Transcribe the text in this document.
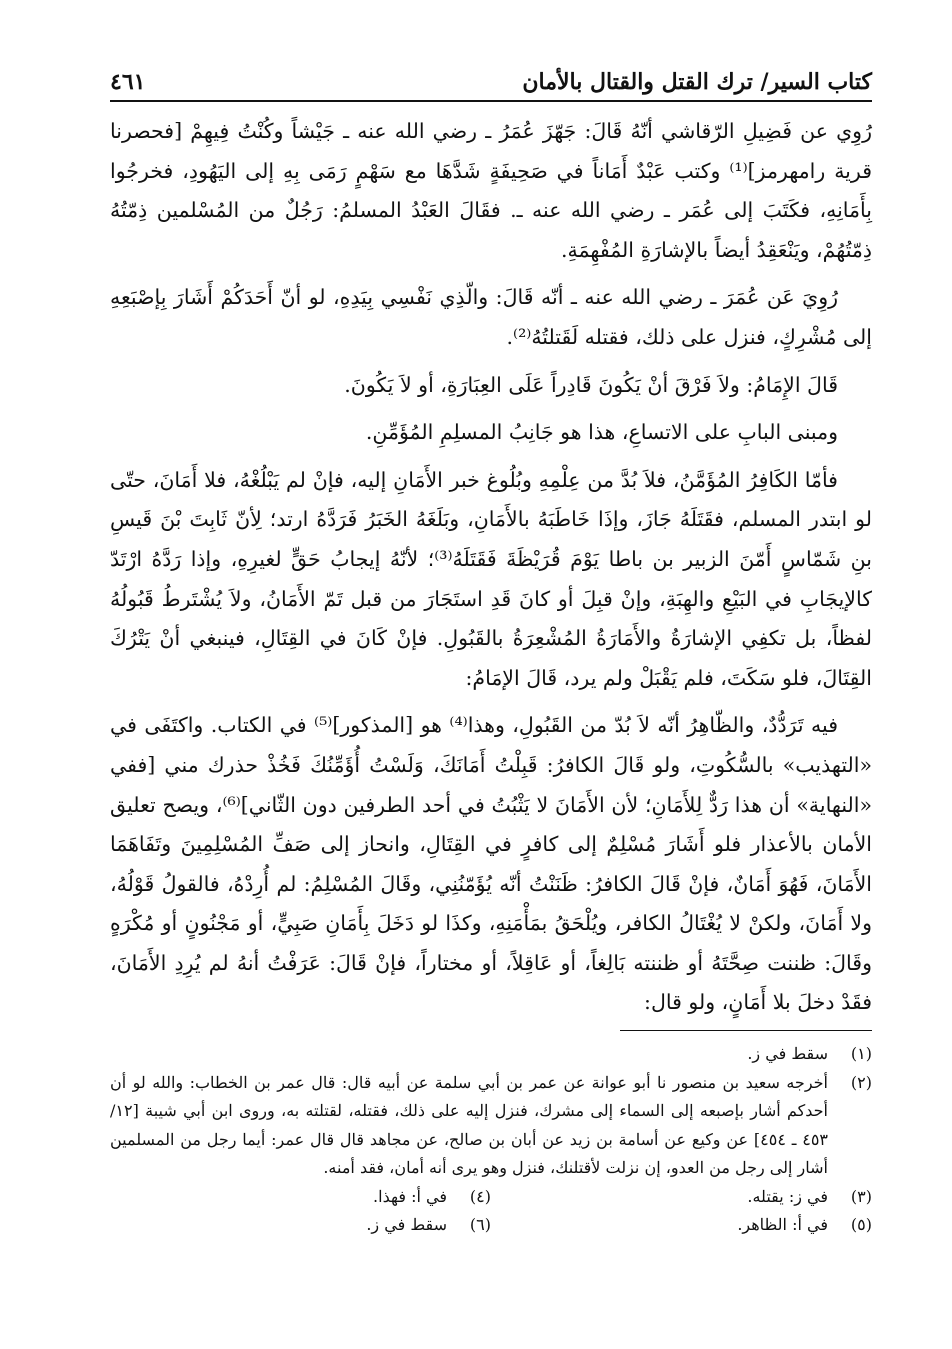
كتاب السير/ ترك القتل والقتال بالأمان
٤٦١

رُوِي عن فَضِيلِ الرّقاشي أنّهُ قَالَ: جَهّزَ عُمَرُ ـ رضي الله عنه ـ جَيْشاً وكُنْتُ فِيهِمْ [فحصرنا قرية رامهرمز]⁽¹⁾ وكتب عَبْدٌ أَمَاناً في صَحِيفَةٍ شَدَّهَا مع سَهْمٍ رَمَى بِهِ إلى اليَهُودِ، فخرجُوا بِأَمَانِهِ، فكَتَبَ إلى عُمَر ـ رضي الله عنه ـ. فقَالَ العَبْدُ المسلمُ: رَجُلٌ من المُسْلمين ذِمّتُهُ ذِمّتُهُمْ، ويَنْعَقِدُ أيضاً بالإشارَةِ المُفْهِمَةِ.

رُوِيَ عَن عُمَرَ ـ رضي الله عنه ـ أنّه قَالَ: والّذِي نَفْسِي بِيَدِهِ، لو أنّ أَحَدَكُمْ أَشَارَ بِإصْبَعِهِ إلى مُشْرِكٍ، فنزل على ذلك، فقتله لَقَتلتُهُ⁽²⁾.

قَالَ الإِمَامُ: ولاَ فَرْقَ أنْ يَكُونَ قَادِراً عَلَى العِبَارَةِ، أو لاَ يَكُونَ.

ومبنى البابِ على الاتساعِ، هذا هو جَانِبُ المسلِمِ المُؤَمِّنِ.

فأمّا الكَافِرُ المُؤَمَّنُ، فلاَ بُدَّ من عِلْمِهِ وبُلُوغ خبر الأَمَانِ إليه، فإنْ لم يَبْلُغْهُ، فلا أَمَانَ، حتّى لو ابتدر المسلم، فقَتَلَهُ جَازَ، وإذَا خَاطَبَهُ بالأَمَانِ، وبَلَغَهُ الخَبَرُ فَرَدَّهُ ارتد؛ لِأنّ ثَابِتَ بْنَ قَيسِ بنِ شَمّاسٍ أَمّنَ الزبير بن باطا يَوْمَ قُرَيْظَةَ فَقَتَلَهُ⁽³⁾؛ لأنّهُ إيجابُ حَقٍّ لغيرِهِ، وإذا رَدَّهُ ارْتَدّ كالإيجَابِ في البَيْعِ والهِبَةِ، وإنْ قبِلَ أو كانَ قَدِ استَجَارَ من قبل تَمّ الأَمَانُ، ولاَ يُشْتَرطُ قَبُولُهُ لفظاً، بل تكفِي الإشارَةُ والأَمَارَةُ المُشْعِرَةُ بالقَبُولِ. فإنْ كَانَ في القِتَالِ، فينبغي أنْ يَتْرُكَ القِتَالَ، فلو سَكَتَ، فلم يَقْبَلْ ولم يرد، قَالَ الإمَامُ:

فيه تَرَدُّدٌ، والظّاهِرُ أنّه لاَ بُدّ من القَبُولِ، وهذا⁽⁴⁾ هو [المذكور]⁽⁵⁾ في الكتاب. واكتَفَى في «التهذيب» بالسُّكُوتِ، ولو قَالَ الكافرُ: قَبِلْتُ أَمَانَكَ، وَلَسْتُ أُؤَمِّنُكَ فَخُذْ حذرك مني [ففي «النهاية» أن هذا رَدٌّ لِلأَمَانِ؛ لأن الأَمَانَ لا يَثْبُتُ في أحد الطرفين دون الثّاني]⁽⁶⁾، ويصح تعليق الأمان بالأعذار فلو أَشَارَ مُسْلِمٌ إلى كافرٍ في القِتَالِ، وانحاز إلى صَفِّ المُسْلِمِينَ وتَفَاهَمَا الأَمَانَ، فَهُوَ أَمَانٌ، فإنْ قَالَ الكافرُ: ظَنَنْتُ أنّه يُؤَمّنُنِي، وقَالَ المُسْلِمُ: لم أُرِدْهُ، فالقولُ قَوْلُهُ، ولا أَمَانَ، ولكنْ لا يُغْتَالُ الكافر، ويُلْحَقُ بمَأْمَنِهِ، وكذَا لو دَخَلَ بِأَمَانِ صَبِيٍّ، أو مَجْنُونٍ أو مُكْرَهٍ وقَالَ: ظننت صِحَّتَهُ أو ظننته بَالِغاً، أو عَاقِلاً، أو مختاراً، فإنْ قَالَ: عَرَفْتُ أنهُ لم يُرِدِ الأَمَانَ، فقَدْ دخلَ بلا أَمَانٍ، ولو قال:

(١)
سقط في ز.
(٢)
أخرجه سعيد بن منصور نا أبو عوانة عن عمر بن أبي سلمة عن أبيه قال: قال عمر بن الخطاب: والله لو أن أحدكم أشار بإصبعه إلى السماء إلى مشرك، فنزل إليه على ذلك، فقتله، لقتلته به، وروى ابن أبي شيبة [١٢/ ٤٥٣ ـ ٤٥٤] عن وكيع عن أسامة بن زيد عن أبان بن صالح، عن مجاهد قال قال عمر: أيما رجل من المسلمين أشار إلى رجل من العدو، إن نزلت لأقتلنك، فنزل وهو يرى أنه أمان، فقد أمنه.
(٣)
في ز: يقتله.
(٤)
في أ: فهذا.
(٥)
في أ: الظاهر.
(٦)
سقط في ز.
